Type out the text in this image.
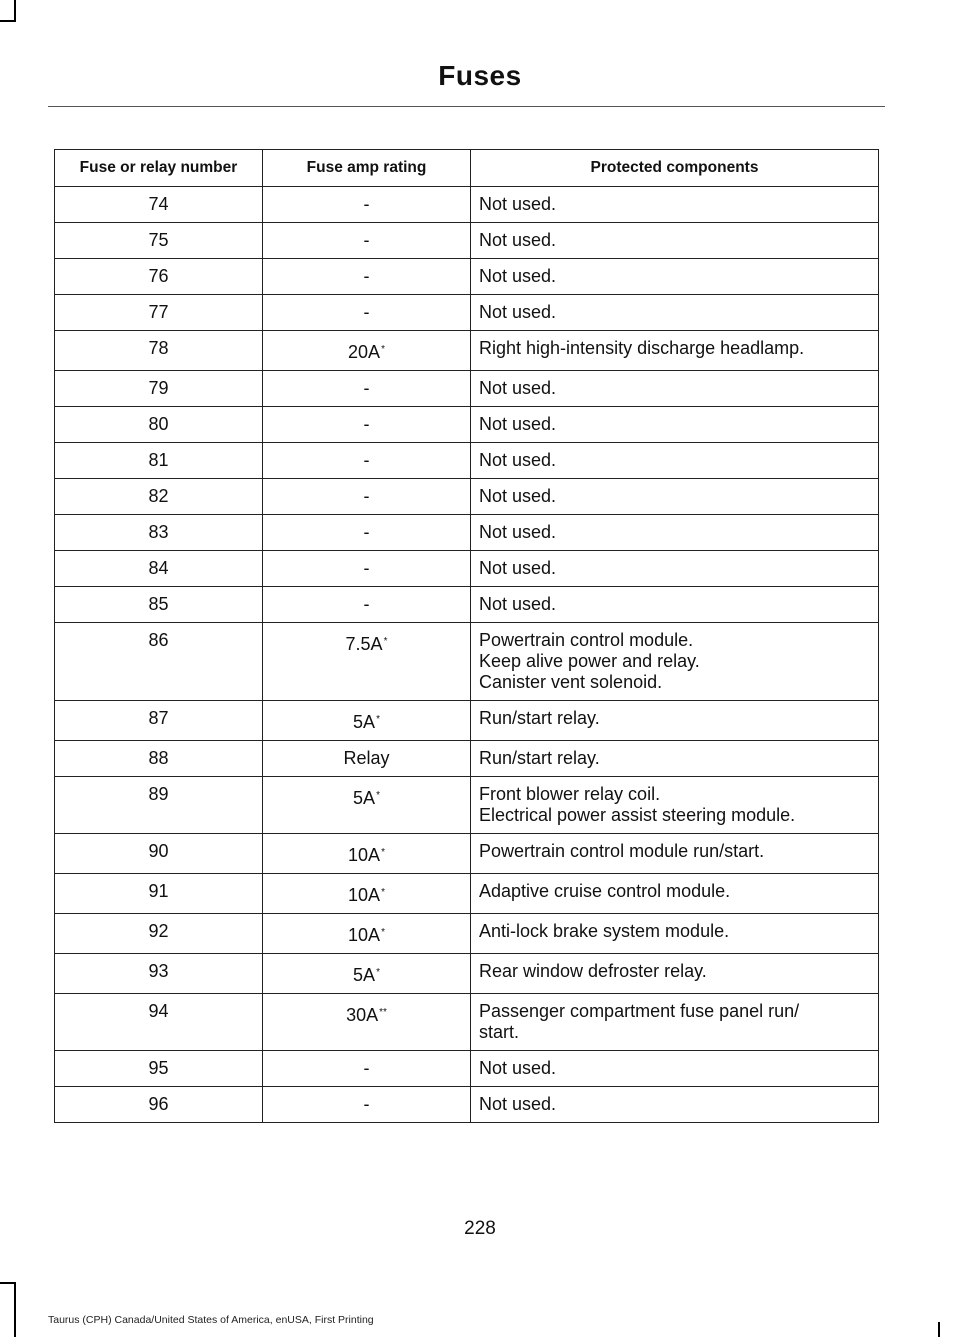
Fuses
Fuse or relay number	Fuse amp rating	Protected components
74	-	Not used.

75	-	Not used.

76	-	Not used.

77	-	Not used.

78	20A*	Right high-intensity discharge headlamp.

79	-	Not used.

80	-	Not used.

81	-	Not used.

82	-	Not used.

83	-	Not used.

84	-	Not used.

85	-	Not used.

86	7.5A*	Powertrain control module.
Keep alive power and relay.
Canister vent solenoid.

87	5A*	Run/start relay.

88	Relay	Run/start relay.

89	5A*	Front blower relay coil.
Electrical power assist steering module.

90	10A*	Powertrain control module run/start.

91	10A*	Adaptive cruise control module.

92	10A*	Anti-lock brake system module.

93	5A*	Rear window defroster relay.

94	30A**	Passenger compartment fuse panel run/
start.

95	-	Not used.

96	-	Not used.
228
Taurus (CPH) Canada/United States of America, enUSA, First Printing
